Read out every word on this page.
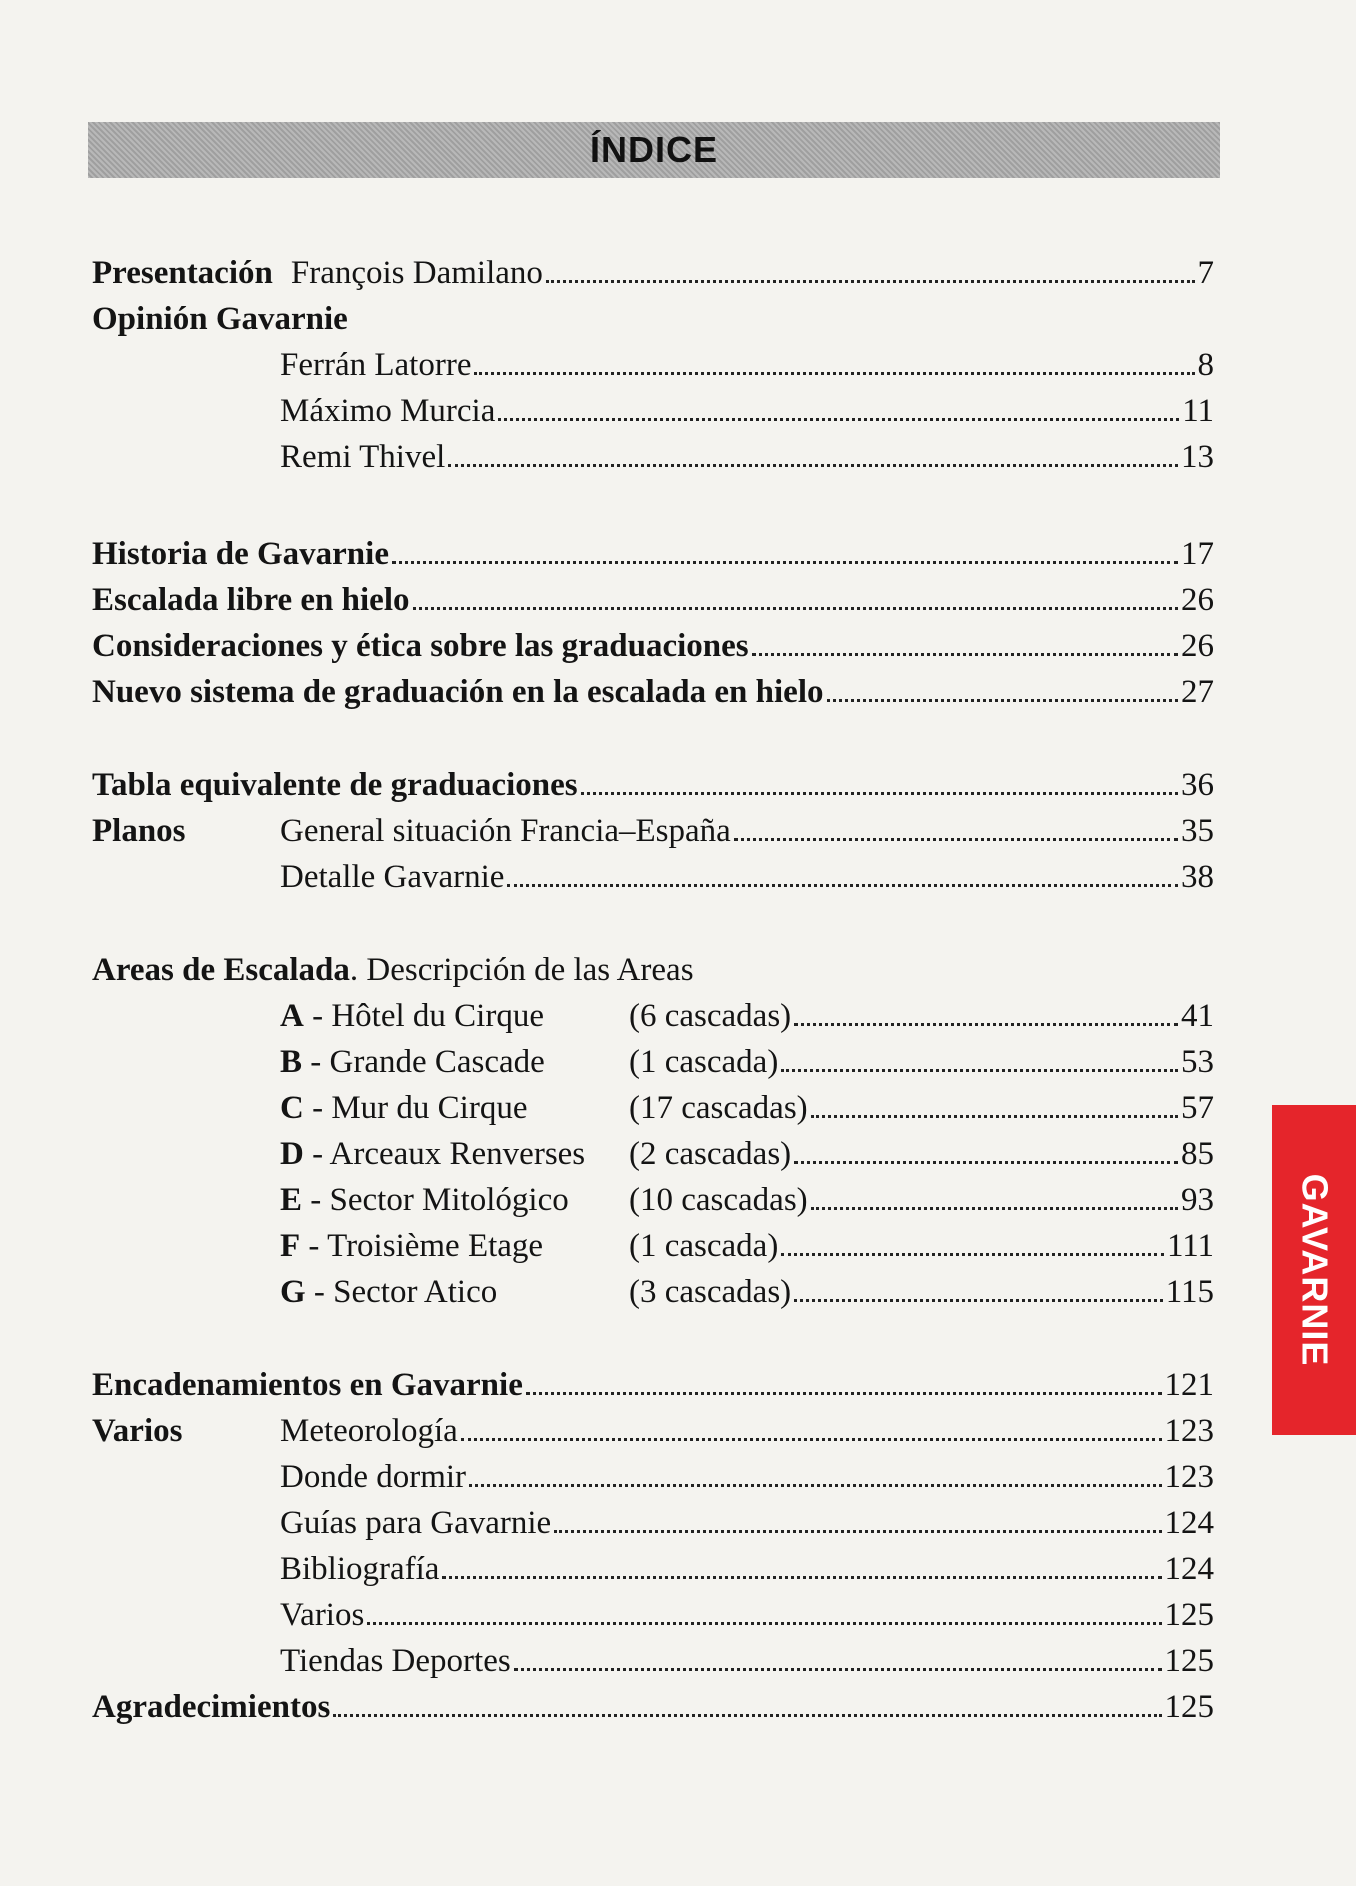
ÍNDICE
Presentación François Damilano	7
Opinión Gavarnie
Ferrán Latorre	8
Máximo Murcia	11
Remi Thivel	13
Historia de Gavarnie	17
Escalada libre en hielo	26
Consideraciones y ética sobre las graduaciones	26
Nuevo sistema de graduación en la escalada en hielo	27
Tabla equivalente de graduaciones	36
Planos	General situación Francia–España	35
Detalle Gavarnie	38
Areas de Escalada . Descripción de las Areas
A - Hôtel du Cirque	(6 cascadas)	41
B - Grande Cascade	(1 cascada)	53
C - Mur du Cirque	(17 cascadas)	57
D - Arceaux Renverses	(2 cascadas)	85
E - Sector Mitológico	(10 cascadas)	93
F - Troisième Etage	(1 cascada)	111
G - Sector Atico	(3 cascadas)	115
Encadenamientos en Gavarnie	121
Varios	Meteorología	123
Donde dormir	123
Guías para Gavarnie	124
Bibliografía	124
Varios	125
Tiendas Deportes	125
Agradecimientos	125
GAVARNIE
